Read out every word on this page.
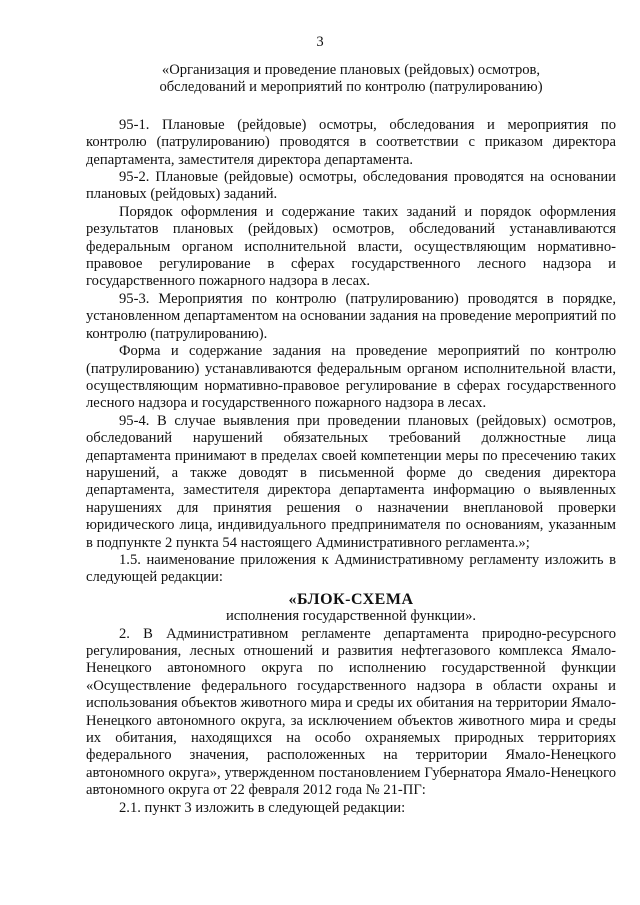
3
«Организация и проведение плановых (рейдовых) осмотров,
обследований и мероприятий по контролю (патрулированию)

95-1. Плановые (рейдовые) осмотры, обследования и мероприятия по контролю (патрулированию) проводятся в соответствии с приказом директора департамента, заместителя директора департамента.

95-2. Плановые (рейдовые) осмотры, обследования проводятся на основании плановых (рейдовых) заданий.

Порядок оформления и содержание таких заданий и порядок оформления результатов плановых (рейдовых) осмотров, обследований устанавливаются федеральным органом исполнительной власти, осуществляющим нормативно-правовое регулирование в сферах государственного лесного надзора и государственного пожарного надзора в лесах.

95-3. Мероприятия по контролю (патрулированию) проводятся в порядке, установленном департаментом на основании задания на проведение мероприятий по контролю (патрулированию).

Форма и содержание задания на проведение мероприятий по контролю (патрулированию) устанавливаются федеральным органом исполнительной власти, осуществляющим нормативно-правовое регулирование в сферах государственного лесного надзора и государственного пожарного надзора в лесах.

95-4. В случае выявления при проведении плановых (рейдовых) осмотров, обследований нарушений обязательных требований должностные лица департамента принимают в пределах своей компетенции меры по пресечению таких нарушений, а также доводят в письменной форме до сведения директора департамента, заместителя директора департамента информацию о выявленных нарушениях для принятия решения о назначении внеплановой проверки юридического лица, индивидуального предпринимателя по основаниям, указанным в подпункте 2 пункта 54 настоящего Административного регламента.»;

1.5. наименование приложения к Административному регламенту изложить в следующей редакции:

«БЛОК-СХЕМА
исполнения государственной функции».

2. В Административном регламенте департамента природно-ресурсного регулирования, лесных отношений и развития нефтегазового комплекса Ямало-Ненецкого автономного округа по исполнению государственной функции «Осуществление федерального государственного надзора в области охраны и использования объектов животного мира и среды их обитания на территории Ямало-Ненецкого автономного округа, за исключением объектов животного мира и среды их обитания, находящихся на особо охраняемых природных территориях федерального значения, расположенных на территории Ямало-Ненецкого автономного округа», утвержденном постановлением Губернатора Ямало-Ненецкого автономного округа от 22 февраля 2012 года № 21-ПГ:

2.1. пункт 3 изложить в следующей редакции:
